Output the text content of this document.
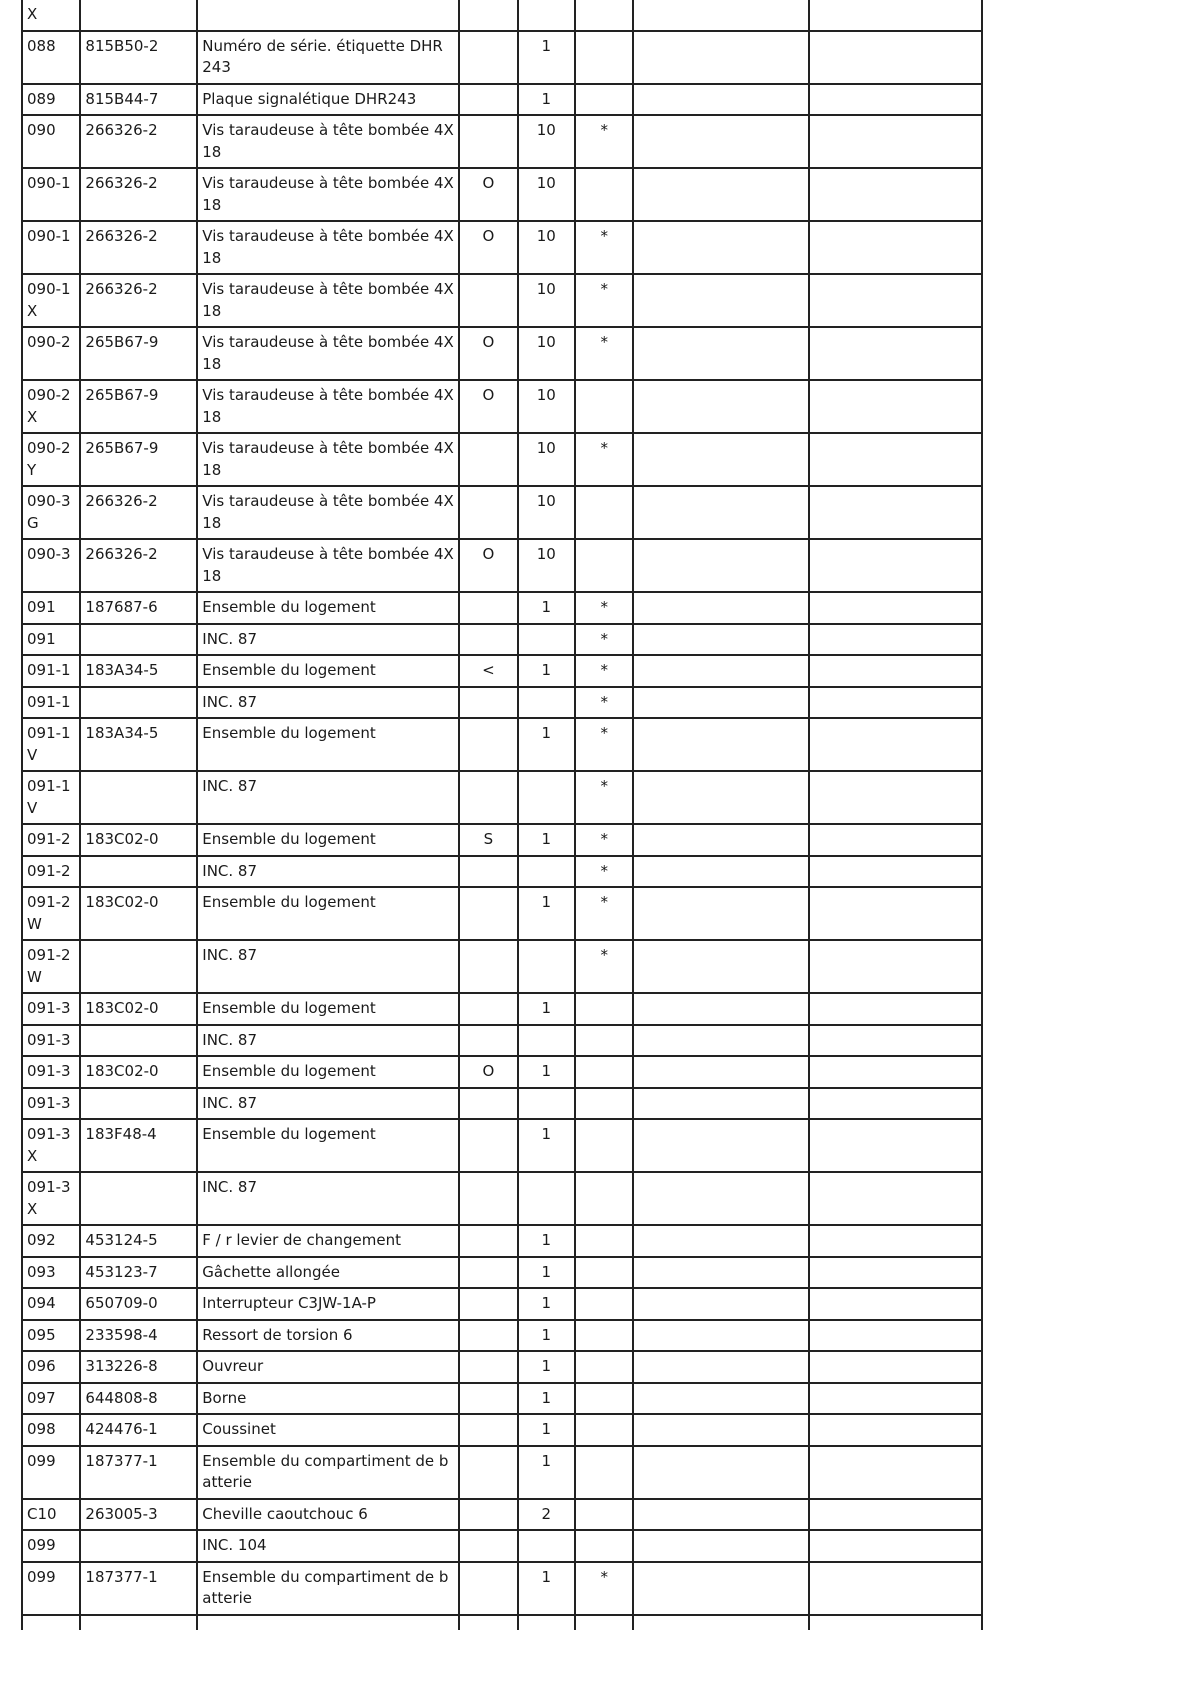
X							
088	815B50-2	Numéro de série. étiquette DHR 243		1			
089	815B44-7	Plaque signalétique DHR243		1			
090	266326-2	Vis taraudeuse à tête bombée 4X 18		10	*		
090-1	266326-2	Vis taraudeuse à tête bombée 4X 18	O	10			
090-1	266326-2	Vis taraudeuse à tête bombée 4X 18	O	10	*		
090-1 X	266326-2	Vis taraudeuse à tête bombée 4X 18		10	*		
090-2	265B67-9	Vis taraudeuse à tête bombée 4X 18	O	10	*		
090-2 X	265B67-9	Vis taraudeuse à tête bombée 4X 18	O	10			
090-2 Y	265B67-9	Vis taraudeuse à tête bombée 4X 18		10	*		
090-3 G	266326-2	Vis taraudeuse à tête bombée 4X 18		10			
090-3	266326-2	Vis taraudeuse à tête bombée 4X 18	O	10			
091	187687-6	Ensemble du logement		1	*		
091		INC. 87			*		
091-1	183A34-5	Ensemble du logement	<	1	*		
091-1		INC. 87			*		
091-1 V	183A34-5	Ensemble du logement		1	*		
091-1 V		INC. 87			*		
091-2	183C02-0	Ensemble du logement	S	1	*		
091-2		INC. 87			*		
091-2 W	183C02-0	Ensemble du logement		1	*		
091-2 W		INC. 87			*		
091-3	183C02-0	Ensemble du logement		1			
091-3		INC. 87					
091-3	183C02-0	Ensemble du logement	O	1			
091-3		INC. 87					
091-3 X	183F48-4	Ensemble du logement		1			
091-3 X		INC. 87					
092	453124-5	F / r levier de changement		1			
093	453123-7	Gâchette allongée		1			
094	650709-0	Interrupteur C3JW-1A-P		1			
095	233598-4	Ressort de torsion 6		1			
096	313226-8	Ouvreur		1			
097	644808-8	Borne		1			
098	424476-1	Coussinet		1			
099	187377-1	Ensemble du compartiment de b atterie		1			
C10	263005-3	Cheville caoutchouc 6		2			
099		INC. 104					
099	187377-1	Ensemble du compartiment de b atterie		1	*		
